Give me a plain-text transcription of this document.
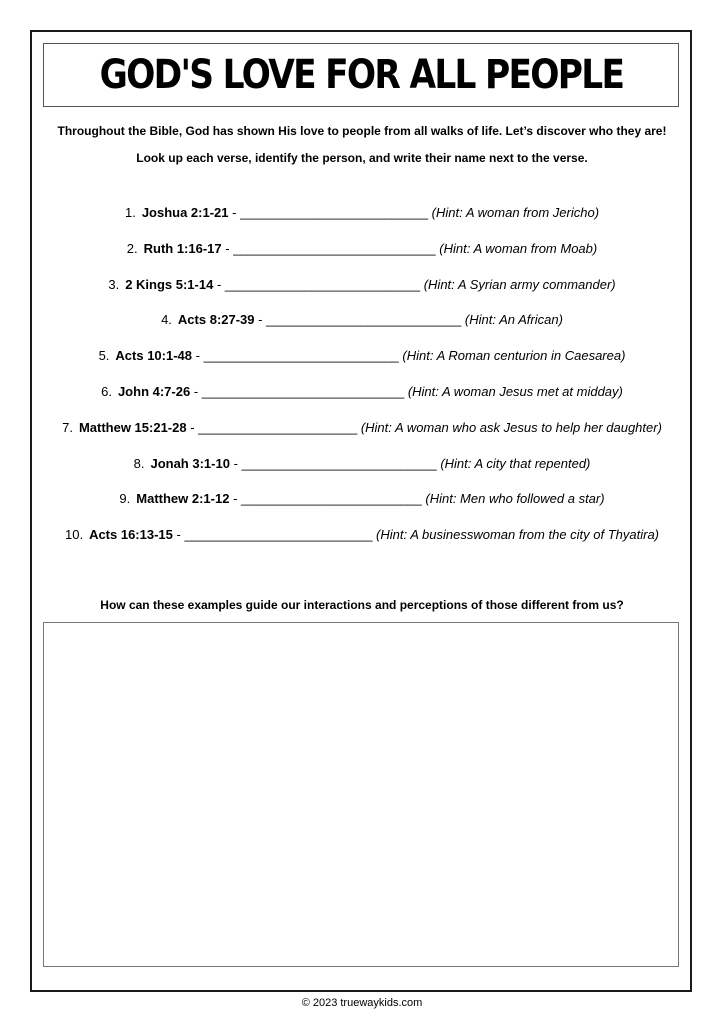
GOD'S LOVE FOR ALL PEOPLE
Throughout the Bible, God has shown His love to people from all walks of life. Let’s discover who they are!
Look up each verse, identify the person, and write their name next to the verse.
1. Joshua 2:1-21 - __________________________ (Hint: A woman from Jericho)
2. Ruth 1:16-17 - ____________________________ (Hint: A woman from Moab)
3. 2 Kings 5:1-14 - ___________________________ (Hint: A Syrian army commander)
4. Acts 8:27-39 - ___________________________ (Hint: An African)
5. Acts 10:1-48 - ___________________________ (Hint: A Roman centurion in Caesarea)
6. John 4:7-26 - ____________________________ (Hint: A woman Jesus met at midday)
7. Matthew 15:21-28 - ______________________ (Hint: A woman who ask Jesus to help her daughter)
8. Jonah 3:1-10 - ___________________________ (Hint: A city that repented)
9. Matthew 2:1-12 - _________________________ (Hint: Men who followed a star)
10. Acts 16:13-15 - __________________________ (Hint: A businesswoman from the city of Thyatira)
How can these examples guide our interactions and perceptions of those different from us?
© 2023 truewaykids.com
